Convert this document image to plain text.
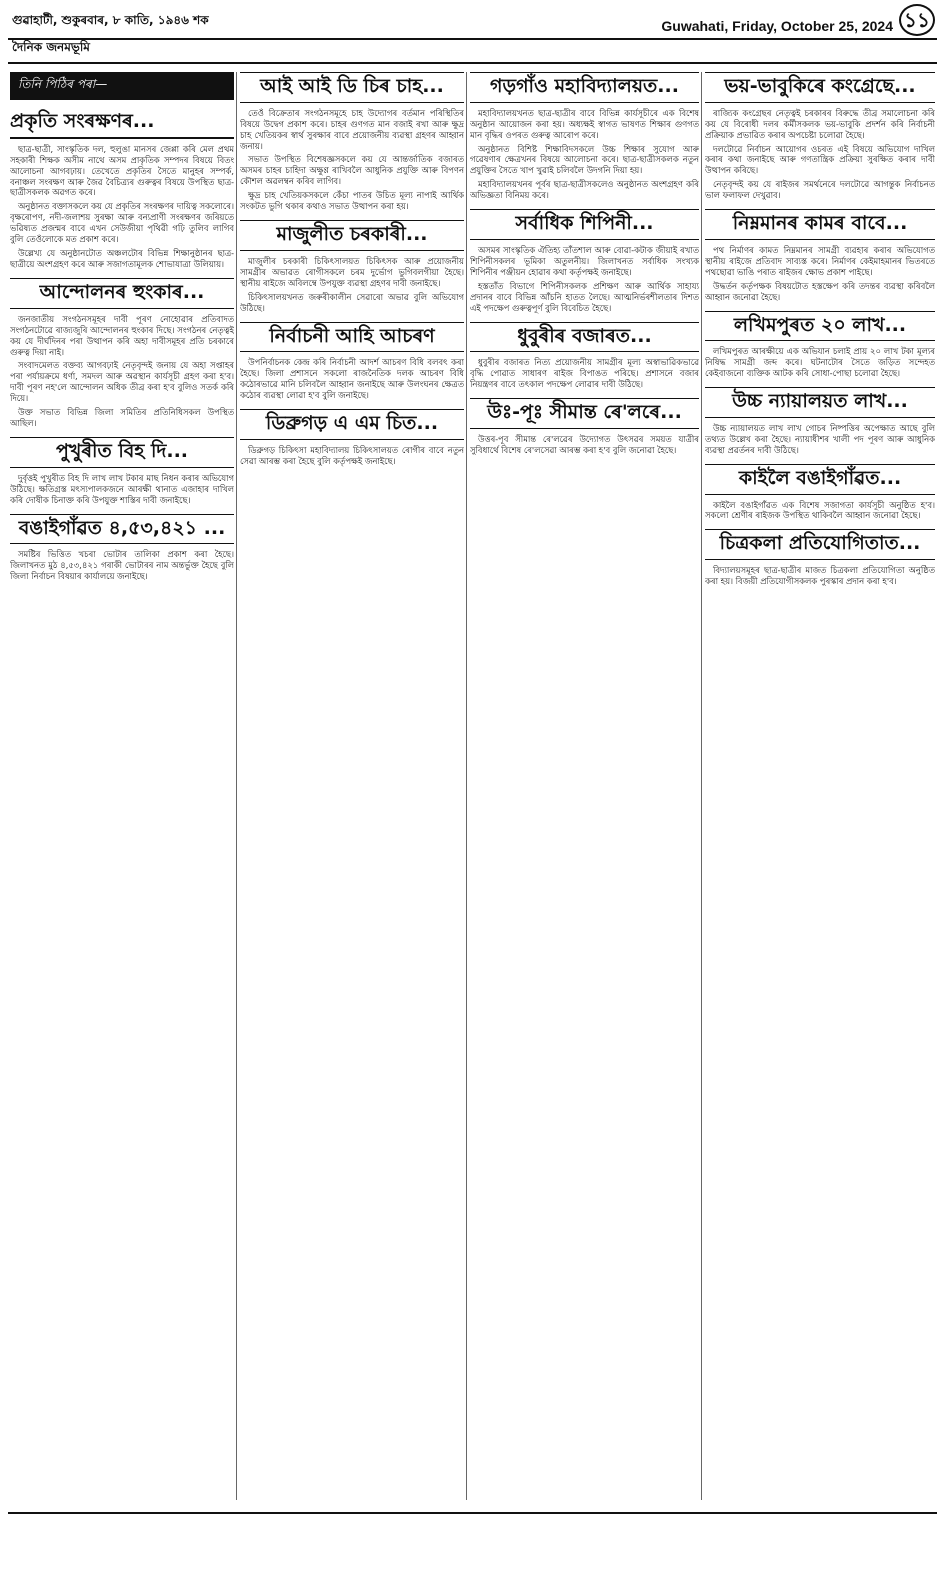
গুৱাহাটী, শুকুৰবাৰ, ৮ কাতি, ১৯৪৬ শক
দৈনিক জনমভূমি
Guwahati, Friday, October 25, 2024 ১১
তিনি পিঠিৰ পৰা—
প্ৰকৃতি সংৰক্ষণৰ...

ছাত্ৰ-ছাত্ৰী, সাংস্কৃতিক দল, হুলুঙা মানসৰ জেপ্পা কৰি মেল প্ৰথম সহকাৰী শিক্ষক অসীম নাথে অসম প্ৰাকৃতিক সম্পদৰ বিষয়ে বিতং আলোচনা আগবঢ়ায়। তেখেতে প্ৰকৃতিৰ সৈতে মানুহৰ সম্পৰ্ক, বনাঞ্চল সংৰক্ষণ আৰু জৈৱ বৈচিত্ৰ্যৰ গুৰুত্বৰ বিষয়ে উপস্থিত ছাত্ৰ-ছাত্ৰীসকলক অৱগত কৰে।

অনুষ্ঠানত বক্তাসকলে কয় যে প্ৰকৃতিৰ সংৰক্ষণৰ দায়িত্ব সকলোৰে। বৃক্ষৰোপণ, নদী-জলাশয় সুৰক্ষা আৰু বন্যপ্ৰাণী সংৰক্ষণৰ জৰিয়তে ভৱিষ্যত প্ৰজন্মৰ বাবে এখন সেউজীয়া পৃথিৱী গঢ়ি তুলিব লাগিব বুলি তেওঁলোকে মত প্ৰকাশ কৰে।

উল্লেখ্য যে অনুষ্ঠানটোত অঞ্চলটোৰ বিভিন্ন শিক্ষানুষ্ঠানৰ ছাত্ৰ-ছাত্ৰীয়ে অংশগ্ৰহণ কৰে আৰু সজাগতামূলক শোভাযাত্ৰা উলিয়ায়।

আন্দোলনৰ হুংকাৰ...

জনজাতীয় সংগঠনসমূহৰ দাবী পূৰণ নোহোৱাৰ প্ৰতিবাদত সংগঠনটোৱে ৰাজ্যজুৰি আন্দোলনৰ হুংকাৰ দিছে। সংগঠনৰ নেতৃত্বই কয় যে দীৰ্ঘদিনৰ পৰা উত্থাপন কৰি অহা দাবীসমূহৰ প্ৰতি চৰকাৰে গুৰুত্ব দিয়া নাই।

সংবাদমেলত বক্তব্য আগবঢ়াই নেতৃবৃন্দই জনায় যে অহা সপ্তাহৰ পৰা পৰ্যায়ক্ৰমে ধৰ্ণা, সমদল আৰু অৱস্থান কাৰ্যসূচী গ্ৰহণ কৰা হ'ব। দাবী পূৰণ নহ'লে আন্দোলন অধিক তীব্ৰ কৰা হ'ব বুলিও সতৰ্ক কৰি দিয়ে।

উক্ত সভাত বিভিন্ন জিলা সমিতিৰ প্ৰতিনিধিসকল উপস্থিত আছিল।

পুখুৰীত বিহ দি...

দুৰ্বৃত্তই পুখুৰীত বিহ দি লাখ লাখ টকাৰ মাছ নিধন কৰাৰ অভিযোগ উঠিছে। ক্ষতিগ্ৰস্ত মৎস্যপালকজনে আৰক্ষী থানাত এজাহাৰ দাখিল কৰি দোষীক চিনাক্ত কৰি উপযুক্ত শাস্তিৰ দাবী জনাইছে।

বঙাইগাঁৱত ৪,৫৩,৪২১ ...

সমষ্টিৰ ভিত্তিত খচৰা ভোটাৰ তালিকা প্ৰকাশ কৰা হৈছে। জিলাখনত মুঠ ৪,৫৩,৪২১ গৰাকী ভোটাৰৰ নাম অন্তৰ্ভুক্ত হৈছে বুলি জিলা নিৰ্বাচন বিষয়াৰ কাৰ্যালয়ে জনাইছে।

আই আই ডি চিৰ চাহ...

তেওঁ বিক্ৰেতাৰ সংগঠনসমূহে চাহ উদ্যোগৰ বৰ্তমান পৰিস্থিতিৰ বিষয়ে উদ্বেগ প্ৰকাশ কৰে। চাহৰ গুণগত মান বজাই ৰখা আৰু ক্ষুদ্ৰ চাহ খেতিয়কৰ স্বাৰ্থ সুৰক্ষাৰ বাবে প্ৰয়োজনীয় ব্যৱস্থা গ্ৰহণৰ আহ্বান জনায়।

সভাত উপস্থিত বিশেষজ্ঞসকলে কয় যে আন্তৰ্জাতিক বজাৰত অসমৰ চাহৰ চাহিদা অক্ষুণ্ণ ৰাখিবলৈ আধুনিক প্ৰযুক্তি আৰু বিপণন কৌশল অৱলম্বন কৰিব লাগিব।

ক্ষুদ্ৰ চাহ খেতিয়কসকলে কেঁচা পাতৰ উচিত মূল্য নাপাই আৰ্থিক সংকটত ভুগি থকাৰ কথাও সভাত উত্থাপন কৰা হয়।

মাজুলীত চৰকাৰী...

মাজুলীৰ চৰকাৰী চিকিৎসালয়ত চিকিৎসক আৰু প্ৰয়োজনীয় সামগ্ৰীৰ অভাৱত ৰোগীসকলে চৰম দুৰ্ভোগ ভুগিবলগীয়া হৈছে। স্থানীয় ৰাইজে অবিলম্বে উপযুক্ত ব্যৱস্থা গ্ৰহণৰ দাবী জনাইছে।

চিকিৎসালয়খনত জৰুৰীকালীন সেৱাৰো অভাৱ বুলি অভিযোগ উঠিছে।

নিৰ্বাচনী আহি আচৰণ

উপনিৰ্বাচনক কেন্দ্ৰ কৰি নিৰ্বাচনী আদৰ্শ আচৰণ বিধি বলবৎ কৰা হৈছে। জিলা প্ৰশাসনে সকলো ৰাজনৈতিক দলক আচৰণ বিধি কঠোৰভাৱে মানি চলিবলৈ আহ্বান জনাইছে আৰু উলংঘনৰ ক্ষেত্ৰত কঠোৰ ব্যৱস্থা লোৱা হ'ব বুলি জনাইছে।

ডিব্ৰুগড় এ এম চিত...

ডিব্ৰুগড় চিকিৎসা মহাবিদ্যালয় চিকিৎসালয়ত ৰোগীৰ বাবে নতুন সেৱা আৰম্ভ কৰা হৈছে বুলি কৰ্তৃপক্ষই জনাইছে।

গড়গাঁও মহাবিদ্যালয়ত...

মহাবিদ্যালয়খনত ছাত্ৰ-ছাত্ৰীৰ বাবে বিভিন্ন কাৰ্যসূচীৰে এক বিশেষ অনুষ্ঠান আয়োজন কৰা হয়। অধ্যক্ষই স্বাগত ভাষণত শিক্ষাৰ গুণগত মান বৃদ্ধিৰ ওপৰত গুৰুত্ব আৰোপ কৰে।

অনুষ্ঠানত বিশিষ্ট শিক্ষাবিদসকলে উচ্চ শিক্ষাৰ সুযোগ আৰু গৱেষণাৰ ক্ষেত্ৰখনৰ বিষয়ে আলোচনা কৰে। ছাত্ৰ-ছাত্ৰীসকলক নতুন প্ৰযুক্তিৰ সৈতে খাপ খুৱাই চলিবলৈ উদগনি দিয়া হয়।

মহাবিদ্যালয়খনৰ পূৰ্বৰ ছাত্ৰ-ছাত্ৰীসকলেও অনুষ্ঠানত অংশগ্ৰহণ কৰি অভিজ্ঞতা বিনিময় কৰে।

সৰ্বাধিক শিপিনী...

অসমৰ সাংস্কৃতিক ঐতিহ্য তাঁতশাল আৰু বোৱা-কটাক জীয়াই ৰখাত শিপিনীসকলৰ ভূমিকা অতুলনীয়। জিলাখনত সৰ্বাধিক সংখ্যক শিপিনীৰ পঞ্জীয়ন হোৱাৰ কথা কৰ্তৃপক্ষই জনাইছে।

হস্ততাঁত বিভাগে শিপিনীসকলক প্ৰশিক্ষণ আৰু আৰ্থিক সাহায্য প্ৰদানৰ বাবে বিভিন্ন আঁচনি হাতত লৈছে। আত্মনিৰ্ভৰশীলতাৰ দিশত এই পদক্ষেপ গুৰুত্বপূৰ্ণ বুলি বিবেচিত হৈছে।

ধুবুৰীৰ বজাৰত...

ধুবুৰীৰ বজাৰত নিত্য প্ৰয়োজনীয় সামগ্ৰীৰ মূল্য অস্বাভাৱিকভাৱে বৃদ্ধি পোৱাত সাধাৰণ ৰাইজ বিপাঙত পৰিছে। প্ৰশাসনে বজাৰ নিয়ন্ত্ৰণৰ বাবে তৎকাল পদক্ষেপ লোৱাৰ দাবী উঠিছে।

উঃ-পূঃ সীমান্ত ৰে'লৰে...

উত্তৰ-পূব সীমান্ত ৰে'লৱেৰ উদ্যোগত উৎসৱৰ সময়ত যাত্ৰীৰ সুবিধাৰ্থে বিশেষ ৰে'লসেৱা আৰম্ভ কৰা হ'ব বুলি জনোৱা হৈছে।

ভয়-ভাবুকিৰে কংগ্ৰেছে...

ৰাজ্যিক কংগ্ৰেছৰ নেতৃত্বই চৰকাৰৰ বিৰুদ্ধে তীব্ৰ সমালোচনা কৰি কয় যে বিৰোধী দলৰ কৰ্মীসকলক ভয়-ভাবুকি প্ৰদৰ্শন কৰি নিৰ্বাচনী প্ৰক্ৰিয়াক প্ৰভাৱিত কৰাৰ অপচেষ্টা চলোৱা হৈছে।

দলটোৱে নিৰ্বাচন আয়োগৰ ওচৰত এই বিষয়ে অভিযোগ দাখিল কৰাৰ কথা জনাইছে আৰু গণতান্ত্ৰিক প্ৰক্ৰিয়া সুৰক্ষিত কৰাৰ দাবী উত্থাপন কৰিছে।

নেতৃবৃন্দই কয় যে ৰাইজৰ সমৰ্থনেৰে দলটোৱে আগন্তুক নিৰ্বাচনত ভাল ফলাফল দেখুৱাব।

নিম্নমানৰ কামৰ বাবে...

পথ নিৰ্মাণৰ কামত নিম্নমানৰ সামগ্ৰী ব্যৱহাৰ কৰাৰ অভিযোগত স্থানীয় ৰাইজে প্ৰতিবাদ সাব্যস্ত কৰে। নিৰ্মাণৰ কেইমাহমানৰ ভিতৰতে পথছোৱা ভাঙি পৰাত ৰাইজৰ ক্ষোভ প্ৰকাশ পাইছে।

উদ্ধৰ্তন কৰ্তৃপক্ষক বিষয়টোত হস্তক্ষেপ কৰি তদন্তৰ ব্যৱস্থা কৰিবলৈ আহ্বান জনোৱা হৈছে।

লখিমপুৰত ২০ লাখ...

লখিমপুৰত আৰক্ষীয়ে এক অভিযান চলাই প্ৰায় ২০ লাখ টকা মূল্যৰ নিষিদ্ধ সামগ্ৰী জব্দ কৰে। ঘটনাটোৰ সৈতে জড়িত সন্দেহত কেইবাজনো ব্যক্তিক আটক কৰি সোধা-পোছা চলোৱা হৈছে।

উচ্চ ন্যায়ালয়ত লাখ...

উচ্চ ন্যায়ালয়ত লাখ লাখ গোচৰ নিষ্পত্তিৰ অপেক্ষাত আছে বুলি তথ্যত উল্লেখ কৰা হৈছে। ন্যায়াধীশৰ খালী পদ পূৰণ আৰু আধুনিক ব্যৱস্থা প্ৰৱৰ্তনৰ দাবী উঠিছে।

কাইলৈ বঙাইগাঁৱত...

কাইলৈ বঙাইগাঁৱত এক বিশেষ সজাগতা কাৰ্যসূচী অনুষ্ঠিত হ'ব। সকলো শ্ৰেণীৰ ৰাইজক উপস্থিত থাকিবলৈ আহ্বান জনোৱা হৈছে।

চিত্ৰকলা প্ৰতিযোগিতাত...

বিদ্যালয়সমূহৰ ছাত্ৰ-ছাত্ৰীৰ মাজত চিত্ৰকলা প্ৰতিযোগিতা অনুষ্ঠিত কৰা হয়। বিজয়ী প্ৰতিযোগীসকলক পুৰস্কাৰ প্ৰদান কৰা হ'ব।
